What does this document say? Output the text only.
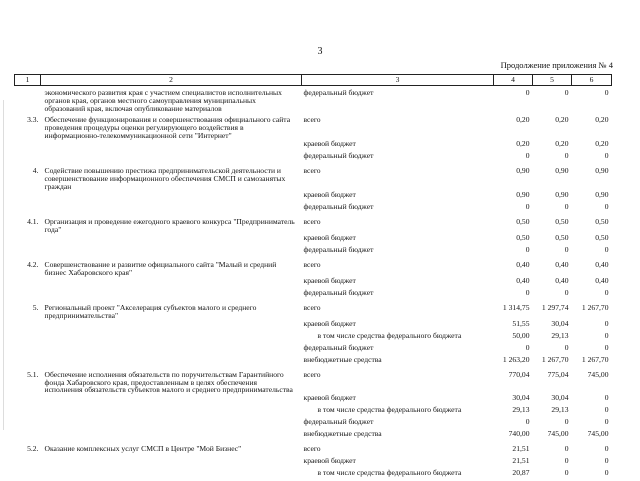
3
Продолжение приложения № 4
1	2	3	4	5	6
	экономического развития края с участием специалистов исполнительных органов края, органов местного самоуправления муниципальных образований края, включая опубликование материалов	федеральный бюджет	0	0	0
3.3.	Обеспечение функционирования и совершенствования официального сайта проведения процедуры оценки регулирующего воздействия в информационно-телекоммуникационной сети "Интернет"	всего	0,20	0,20	0,20
		краевой бюджет	0,20	0,20	0,20
		федеральный бюджет	0	0	0
4.	Содействие повышению престижа предпринимательской деятельности и совершенствование информационного обеспечения СМСП и самозанятых граждан	всего	0,90	0,90	0,90
		краевой бюджет	0,90	0,90	0,90
		федеральный бюджет	0	0	0
4.1.	Организация и проведение ежегодного краевого конкурса "Предприниматель года"	всего	0,50	0,50	0,50
		краевой бюджет	0,50	0,50	0,50
		федеральный бюджет	0	0	0
4.2.	Совершенствование и развитие официального сайта "Малый и средний бизнес Хабаровского края"	всего	0,40	0,40	0,40
		краевой бюджет	0,40	0,40	0,40
		федеральный бюджет	0	0	0
5.	Региональный проект "Акселерация субъектов малого и среднего предпринимательства"	всего	1 314,75	1 297,74	1 267,70
		краевой бюджет	51,55	30,04	0
		в том числе средства федерального бюджета	50,00	29,13	0
		федеральный бюджет	0	0	0
		внебюджетные средства	1 263,20	1 267,70	1 267,70
5.1.	Обеспечение исполнения обязательств по поручительствам Гарантийного фонда Хабаровского края, предоставленным в целях обеспечения исполнения обязательств субъектов малого и среднего предпринимательства	всего	770,04	775,04	745,00
		краевой бюджет	30,04	30,04	0
		в том числе средства федерального бюджета	29,13	29,13	0
		федеральный бюджет	0	0	0
		внебюджетные средства	740,00	745,00	745,00
5.2.	Оказание комплексных услуг СМСП в Центре "Мой Бизнес"	всего	21,51	0	0
		краевой бюджет	21,51	0	0
		в том числе средства федерального бюджета	20,87	0	0
